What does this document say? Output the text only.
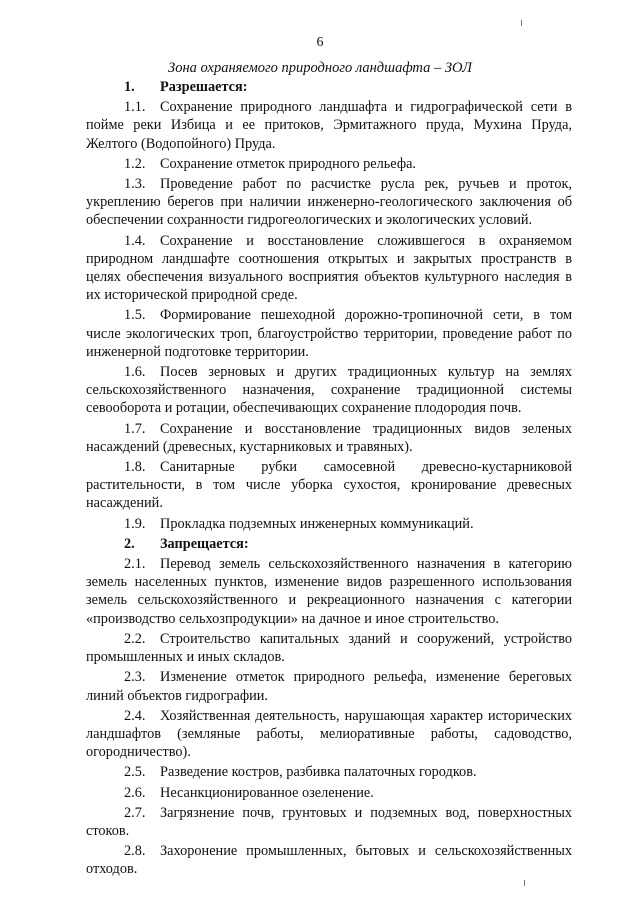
6
Зона охраняемого природного ландшафта – ЗОЛ
1. Разрешается:

1.1. Сохранение природного ландшафта и гидрографической сети в пойме реки Избица и ее притоков, Эрмитажного пруда, Мухина Пруда, Желтого (Водопойного) Пруда.

1.2. Сохранение отметок природного рельефа.

1.3. Проведение работ по расчистке русла рек, ручьев и проток, укреплению берегов при наличии инженерно-геологического заключения об обеспечении сохранности гидрогеологических и экологических условий.

1.4. Сохранение и восстановление сложившегося в охраняемом природном ландшафте соотношения открытых и закрытых пространств в целях обеспечения визуального восприятия объектов культурного наследия в их исторической природной среде.

1.5. Формирование пешеходной дорожно-тропиночной сети, в том числе экологических троп, благоустройство территории, проведение работ по инженерной подготовке территории.

1.6. Посев зерновых и других традиционных культур на землях сельскохозяйственного назначения, сохранение традиционной системы севооборота и ротации, обеспечивающих сохранение плодородия почв.

1.7. Сохранение и восстановление традиционных видов зеленых насаждений (древесных, кустарниковых и травяных).

1.8. Санитарные рубки самосевной древесно-кустарниковой растительности, в том числе уборка сухостоя, кронирование древесных насаждений.

1.9. Прокладка подземных инженерных коммуникаций.

2. Запрещается:

2.1. Перевод земель сельскохозяйственного назначения в категорию земель населенных пунктов, изменение видов разрешенного использования земель сельскохозяйственного и рекреационного назначения с категории «производство сельхозпродукции» на дачное и иное строительство.

2.2. Строительство капитальных зданий и сооружений, устройство промышленных и иных складов.

2.3. Изменение отметок природного рельефа, изменение береговых линий объектов гидрографии.

2.4. Хозяйственная деятельность, нарушающая характер исторических ландшафтов (земляные работы, мелиоративные работы, садоводство, огородничество).

2.5. Разведение костров, разбивка палаточных городков.

2.6. Несанкционированное озеленение.

2.7. Загрязнение почв, грунтовых и подземных вод, поверхностных стоков.

2.8. Захоронение промышленных, бытовых и сельскохозяйственных отходов.
